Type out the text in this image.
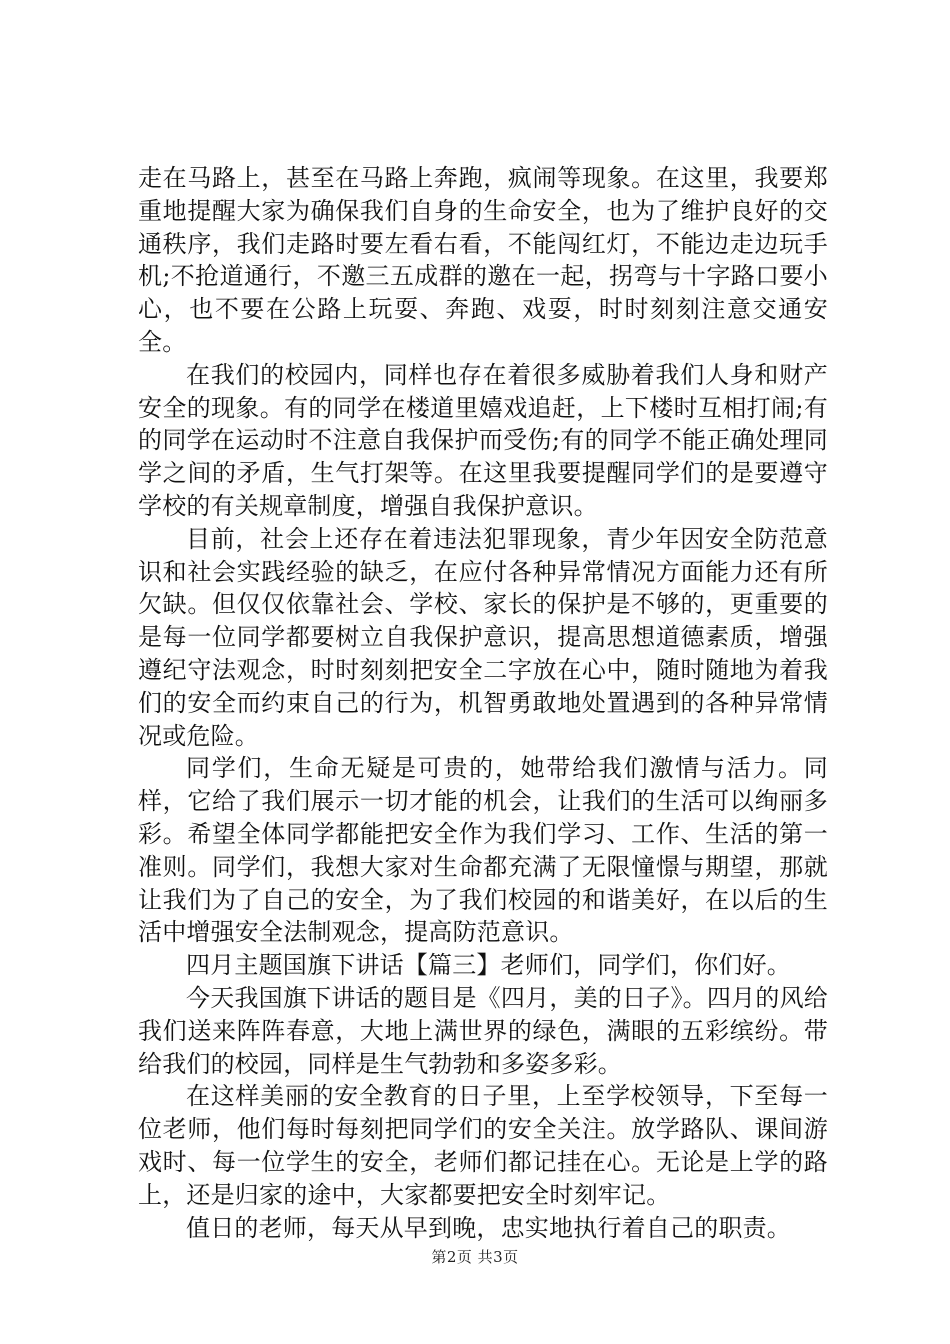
走在马路上，甚至在马路上奔跑，疯闹等现象。在这里，我要郑重地提醒大家为确保我们自身的生命安全，也为了维护良好的交通秩序，我们走路时要左看右看，不能闯红灯，不能边走边玩手机;不抢道通行，不邀三五成群的邀在一起，拐弯与十字路口要小心，也不要在公路上玩耍、奔跑、戏耍，时时刻刻注意交通安全。

在我们的校园内，同样也存在着很多威胁着我们人身和财产安全的现象。有的同学在楼道里嬉戏追赶，上下楼时互相打闹;有的同学在运动时不注意自我保护而受伤;有的同学不能正确处理同学之间的矛盾，生气打架等。在这里我要提醒同学们的是要遵守学校的有关规章制度，增强自我保护意识。

目前，社会上还存在着违法犯罪现象，青少年因安全防范意识和社会实践经验的缺乏，在应付各种异常情况方面能力还有所欠缺。但仅仅依靠社会、学校、家长的保护是不够的，更重要的是每一位同学都要树立自我保护意识，提高思想道德素质，增强遵纪守法观念，时时刻刻把安全二字放在心中，随时随地为着我们的安全而约束自己的行为，机智勇敢地处置遇到的各种异常情况或危险。

同学们，生命无疑是可贵的，她带给我们激情与活力。同样，它给了我们展示一切才能的机会，让我们的生活可以绚丽多彩。希望全体同学都能把安全作为我们学习、工作、生活的第一准则。同学们，我想大家对生命都充满了无限憧憬与期望，那就让我们为了自己的安全，为了我们校园的和谐美好，在以后的生活中增强安全法制观念，提高防范意识。

四月主题国旗下讲话【篇三】老师们，同学们，你们好。

今天我国旗下讲话的题目是《四月，美的日子》。四月的风给我们送来阵阵春意，大地上满世界的绿色，满眼的五彩缤纷。带给我们的校园，同样是生气勃勃和多姿多彩。

在这样美丽的安全教育的日子里，上至学校领导，下至每一位老师，他们每时每刻把同学们的安全关注。放学路队、课间游戏时、每一位学生的安全，老师们都记挂在心。无论是上学的路上，还是归家的途中，大家都要把安全时刻牢记。

值日的老师，每天从早到晚，忠实地执行着自己的职责。

第2页 共3页
